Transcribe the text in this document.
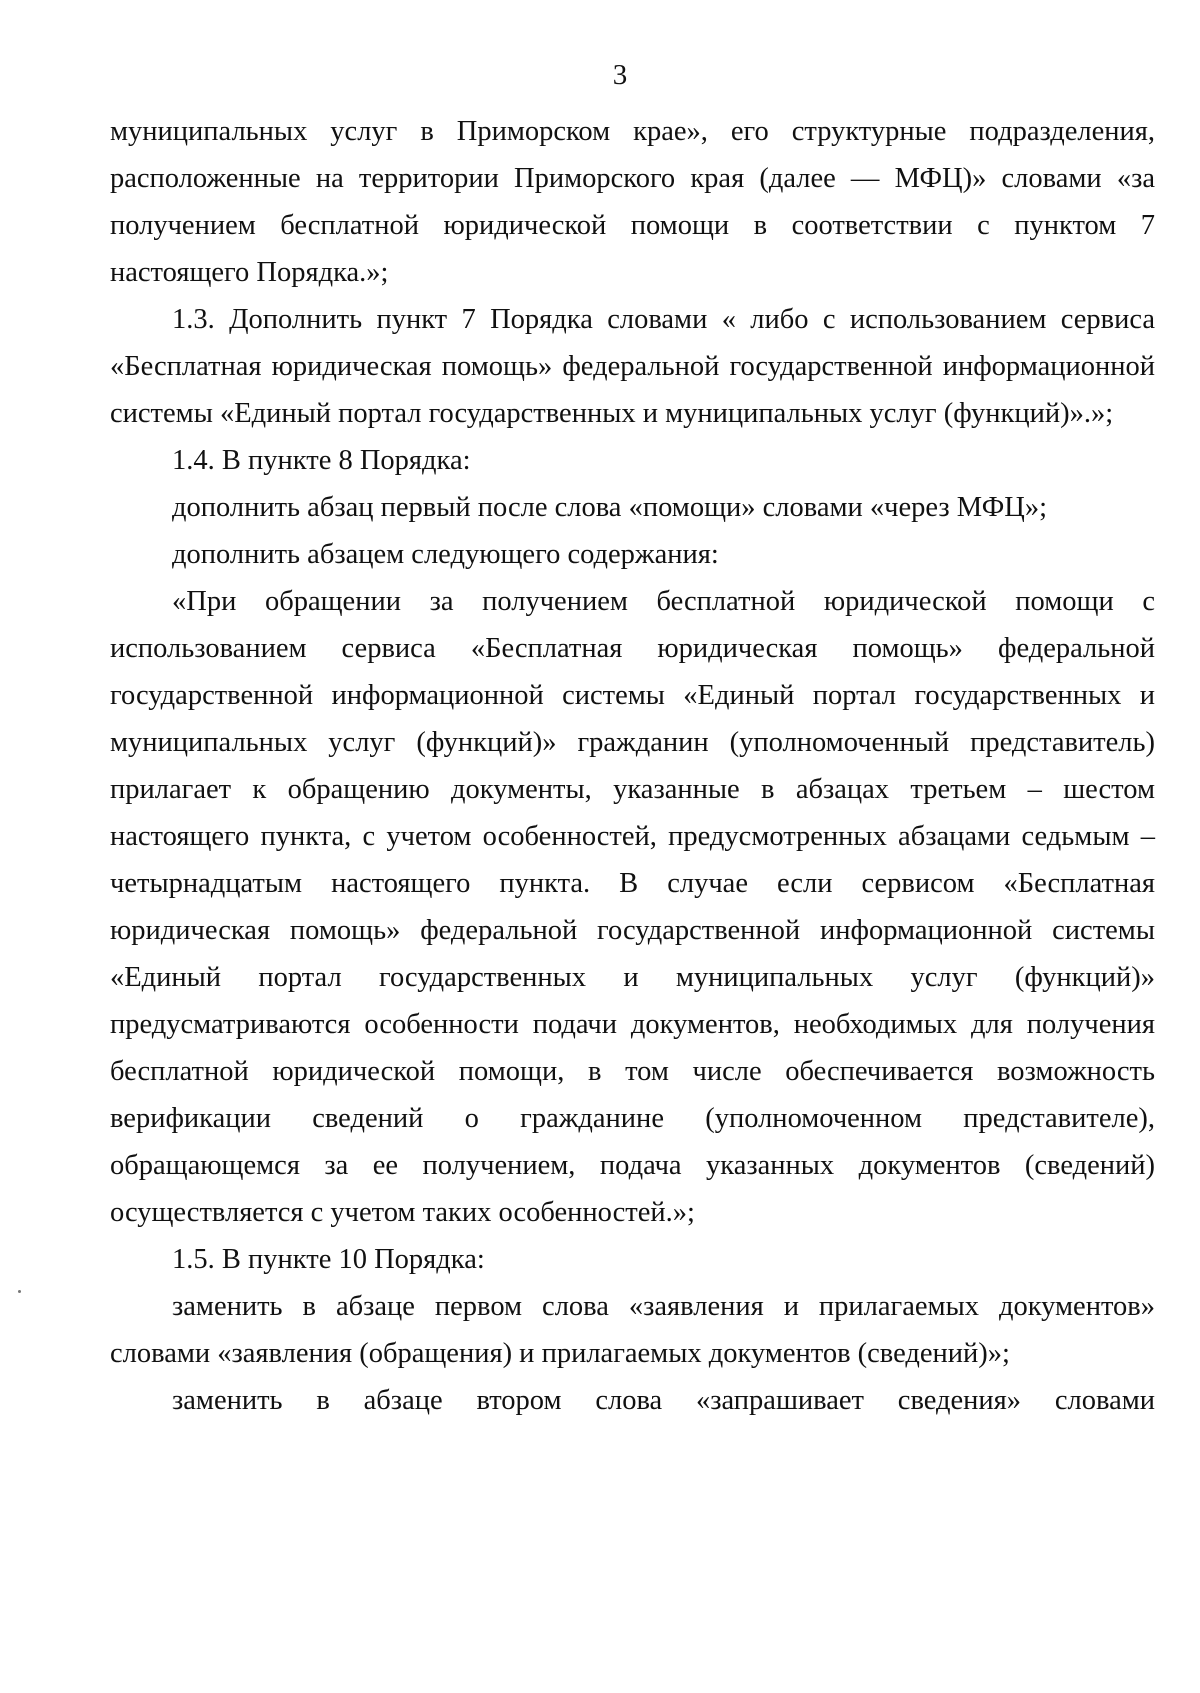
3

муниципальных услуг в Приморском крае», его структурные подразделения, расположенные на территории Приморского края (далее — МФЦ)» словами «за получением бесплатной юридической помощи в соответствии с пунктом 7 настоящего Порядка.»;

1.3. Дополнить пункт 7 Порядка словами « либо с использованием сервиса «Бесплатная юридическая помощь» федеральной государственной информационной системы «Единый портал государственных и муниципальных услуг (функций)».»;

1.4. В пункте 8 Порядка:

дополнить абзац первый после слова «помощи» словами «через МФЦ»;

дополнить абзацем следующего содержания:

«При обращении за получением бесплатной юридической помощи с использованием сервиса «Бесплатная юридическая помощь» федеральной государственной информационной системы «Единый портал государственных и муниципальных услуг (функций)» гражданин (уполномоченный представитель) прилагает к обращению документы, указанные в абзацах третьем – шестом настоящего пункта, с учетом особенностей, предусмотренных абзацами седьмым – четырнадцатым настоящего пункта. В случае если сервисом «Бесплатная юридическая помощь» федеральной государственной информационной системы «Единый портал государственных и муниципальных услуг (функций)» предусматриваются особенности подачи документов, необходимых для получения бесплатной юридической помощи, в том числе обеспечивается возможность верификации сведений о гражданине (уполномоченном представителе), обращающемся за ее получением, подача указанных документов (сведений) осуществляется с учетом таких особенностей.»;

1.5. В пункте 10 Порядка:

заменить в абзаце первом слова «заявления и прилагаемых документов» словами «заявления (обращения) и прилагаемых документов (сведений)»;

заменить в абзаце втором слова «запрашивает сведения» словами
